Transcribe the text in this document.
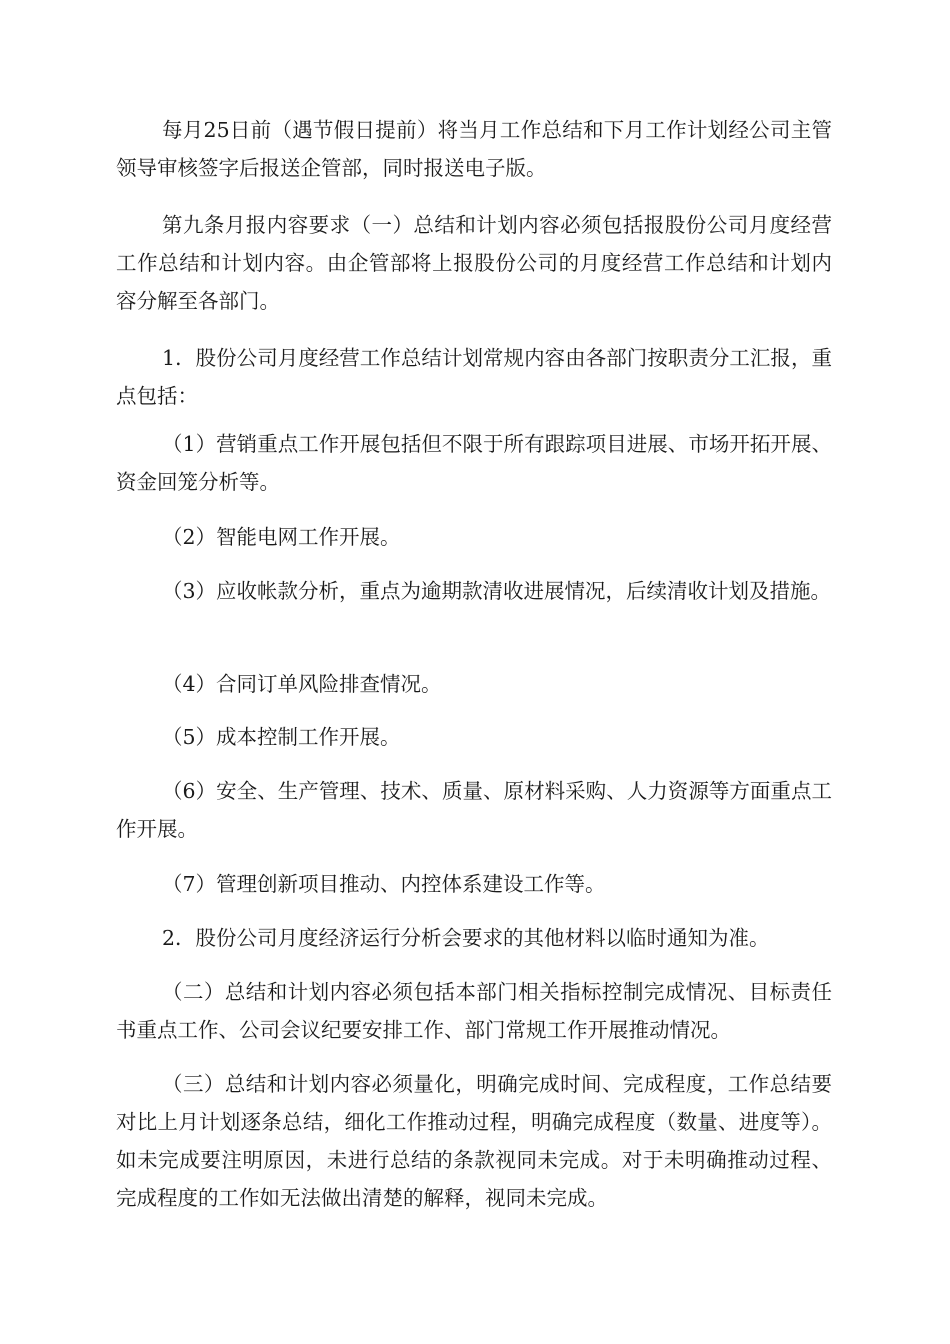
每月25日前（遇节假日提前）将当月工作总结和下月工作计划经公司主管领导审核签字后报送企管部，同时报送电子版。

第九条月报内容要求（一）总结和计划内容必须包括报股份公司月度经营工作总结和计划内容。由企管部将上报股份公司的月度经营工作总结和计划内容分解至各部门。

1．股份公司月度经营工作总结计划常规内容由各部门按职责分工汇报，重点包括：

（1）营销重点工作开展包括但不限于所有跟踪项目进展、市场开拓开展、资金回笼分析等。

（2）智能电网工作开展。

（3）应收帐款分析，重点为逾期款清收进展情况，后续清收计划及措施。

（4）合同订单风险排查情况。

（5）成本控制工作开展。

（6）安全、生产管理、技术、质量、原材料采购、人力资源等方面重点工作开展。

（7）管理创新项目推动、内控体系建设工作等。

2．股份公司月度经济运行分析会要求的其他材料以临时通知为准。

（二）总结和计划内容必须包括本部门相关指标控制完成情况、目标责任书重点工作、公司会议纪要安排工作、部门常规工作开展推动情况。

（三）总结和计划内容必须量化，明确完成时间、完成程度，工作总结要对比上月计划逐条总结，细化工作推动过程，明确完成程度（数量、进度等）。如未完成要注明原因，未进行总结的条款视同未完成。对于未明确推动过程、完成程度的工作如无法做出清楚的解释，视同未完成。
